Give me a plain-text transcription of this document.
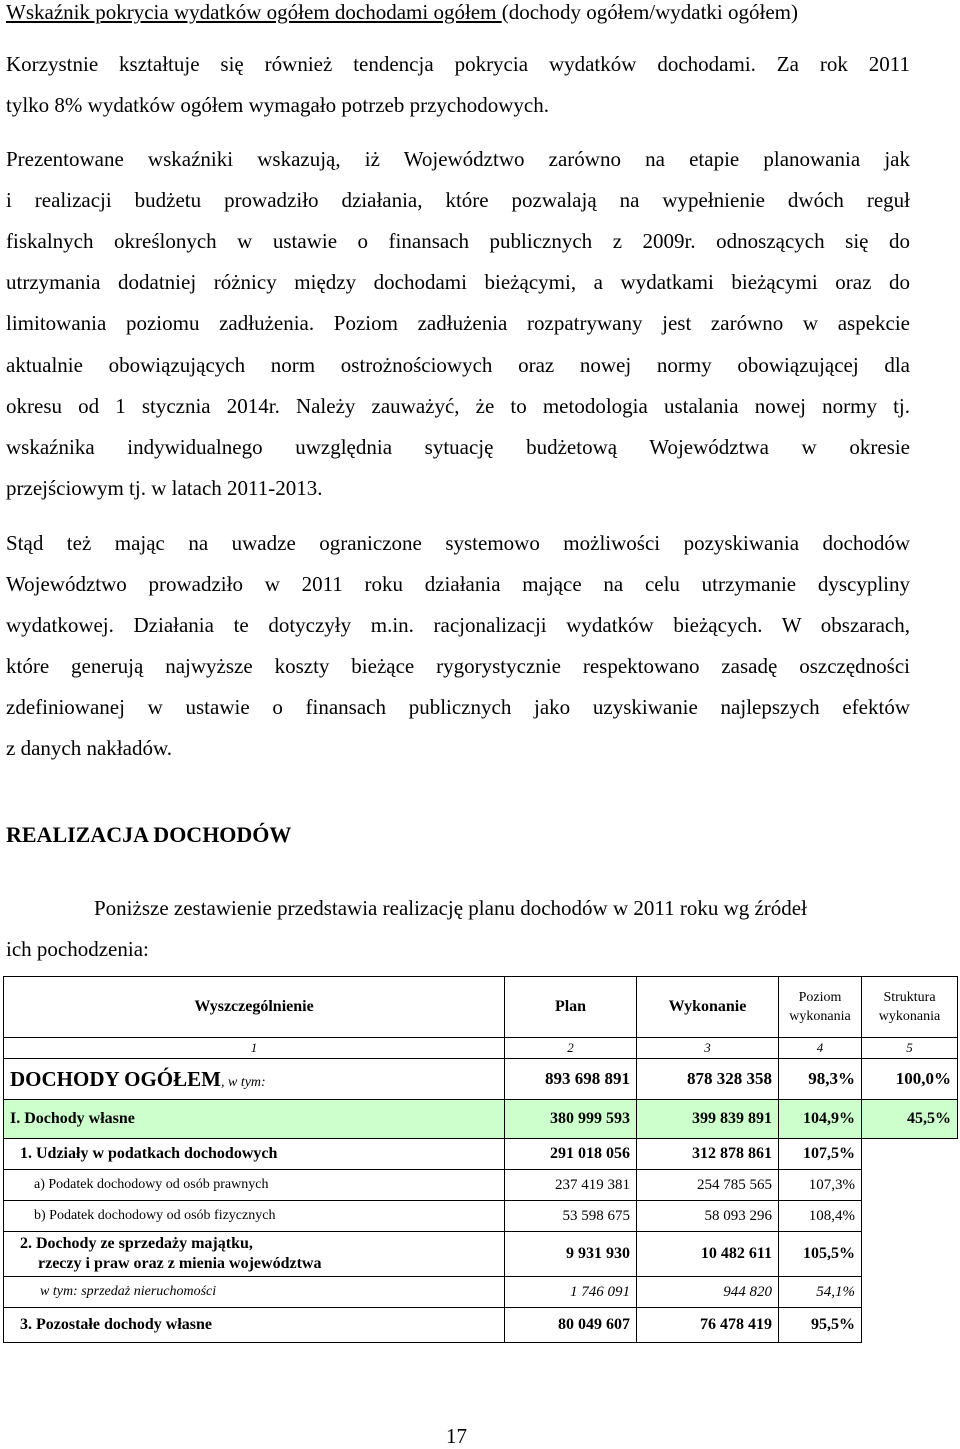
Wskaźnik pokrycia wydatków ogółem dochodami ogółem (dochody ogółem/wydatki ogółem)
Korzystnie kształtuje się również tendencja pokrycia wydatków dochodami. Za rok 2011
tylko 8% wydatków ogółem wymagało potrzeb przychodowych.
Prezentowane wskaźniki wskazują, iż Województwo zarówno na etapie planowania jak
i realizacji budżetu prowadziło działania, które pozwalają na wypełnienie dwóch reguł
fiskalnych określonych w ustawie o finansach publicznych z 2009r. odnoszących się do
utrzymania dodatniej różnicy między dochodami bieżącymi, a wydatkami bieżącymi oraz do
limitowania poziomu zadłużenia. Poziom zadłużenia rozpatrywany jest zarówno w aspekcie
aktualnie obowiązujących norm ostrożnościowych oraz nowej normy obowiązującej dla
okresu od 1 stycznia 2014r. Należy zauważyć, że to metodologia ustalania nowej normy tj.
wskaźnika indywidualnego uwzględnia sytuację budżetową Województwa w okresie
przejściowym tj. w latach 2011-2013.
Stąd też mając na uwadze ograniczone systemowo możliwości pozyskiwania dochodów
Województwo prowadziło w 2011 roku działania mające na celu utrzymanie dyscypliny
wydatkowej. Działania te dotyczyły m.in. racjonalizacji wydatków bieżących. W obszarach,
które generują najwyższe koszty bieżące rygorystycznie respektowano zasadę oszczędności
zdefiniowanej w ustawie o finansach publicznych jako uzyskiwanie najlepszych efektów
z danych nakładów.
REALIZACJA DOCHODÓW
Poniższe zestawienie przedstawia realizację planu dochodów w 2011 roku wg źródeł
ich pochodzenia:
Wyszczególnienie	Plan	Wykonanie	Poziom wykonania	Struktura wykonania
1	2	3	4	5
DOCHODY OGÓŁEM, w tym:	893 698 891	878 328 358	98,3%	100,0%
I. Dochody własne	380 999 593	399 839 891	104,9%	45,5%
1. Udziały w podatkach dochodowych	291 018 056	312 878 861	107,5%	
a) Podatek dochodowy od osób prawnych	237 419 381	254 785 565	107,3%	
b) Podatek dochodowy od osób fizycznych	53 598 675	58 093 296	108,4%	
2. Dochody ze sprzedaży majątku,
rzeczy i praw oraz z mienia województwa	9 931 930	10 482 611	105,5%	
w tym: sprzedaż nieruchomości	1 746 091	944 820	54,1%	
3. Pozostałe dochody własne	80 049 607	76 478 419	95,5%	
17
